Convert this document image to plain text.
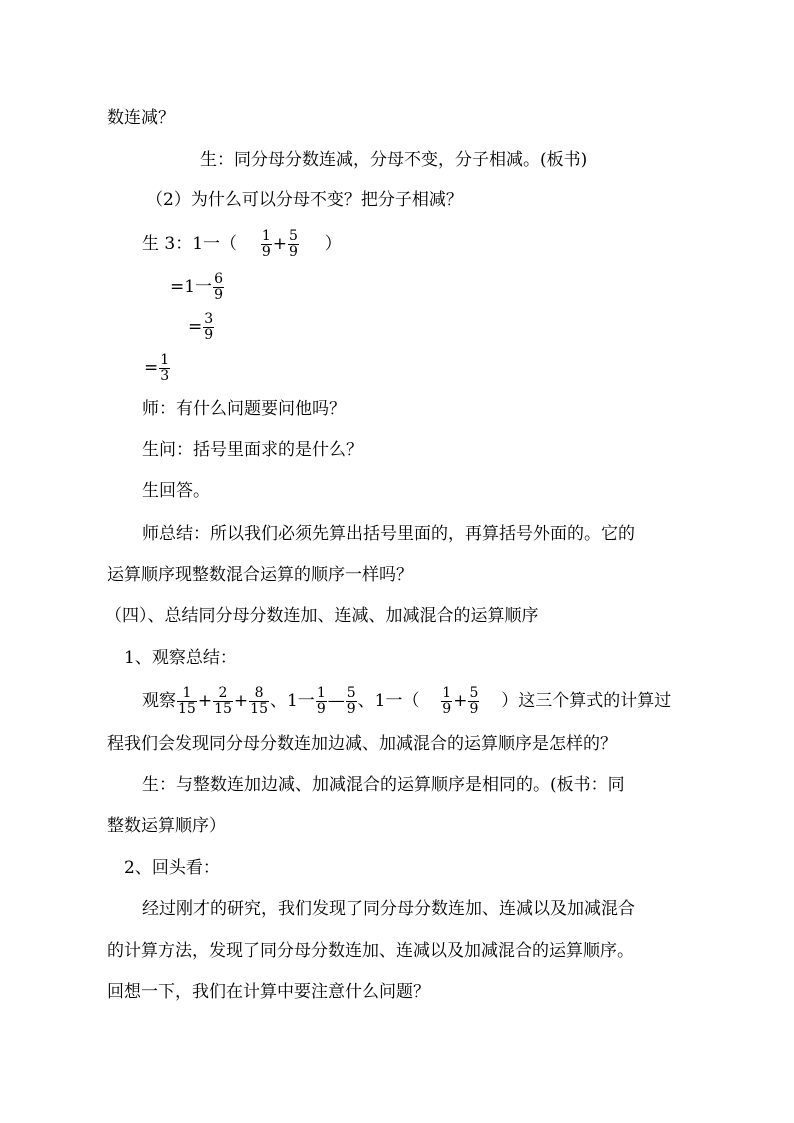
数连减？
生：同分母分数连减，分母不变，分子相减。(板书)
（2）为什么可以分母不变？把分子相减？
生 3：1一（ $\frac{1}{9} + \frac{5}{9}$ ）
=1一 $\frac{6}{9}$
= $\frac{3}{9}$
= $\frac{1}{3}$
师：有什么问题要问他吗？
生问：括号里面求的是什么？
生回答。
师总结：所以我们必须先算出括号里面的，再算括号外面的。它的
运算顺序现整数混合运算的顺序一样吗？
（四）、总结同分母分数连加、连减、加减混合的运算顺序
1、观察总结：
观察 $\frac{1}{15} + \frac{2}{15} + \frac{8}{15}$ 、1一 $\frac{1}{9}$ — $\frac{5}{9}$ 、1一（ $\frac{1}{9} + \frac{5}{9}$ ）这三个算式的计算过
程我们会发现同分母分数连加边减、加减混合的运算顺序是怎样的？
生：与整数连加边减、加减混合的运算顺序是相同的。(板书：同
整数运算顺序）
2、回头看：
经过刚才的研究，我们发现了同分母分数连加、连减以及加减混合
的计算方法，发现了同分母分数连加、连减以及加减混合的运算顺序。
回想一下，我们在计算中要注意什么问题？
